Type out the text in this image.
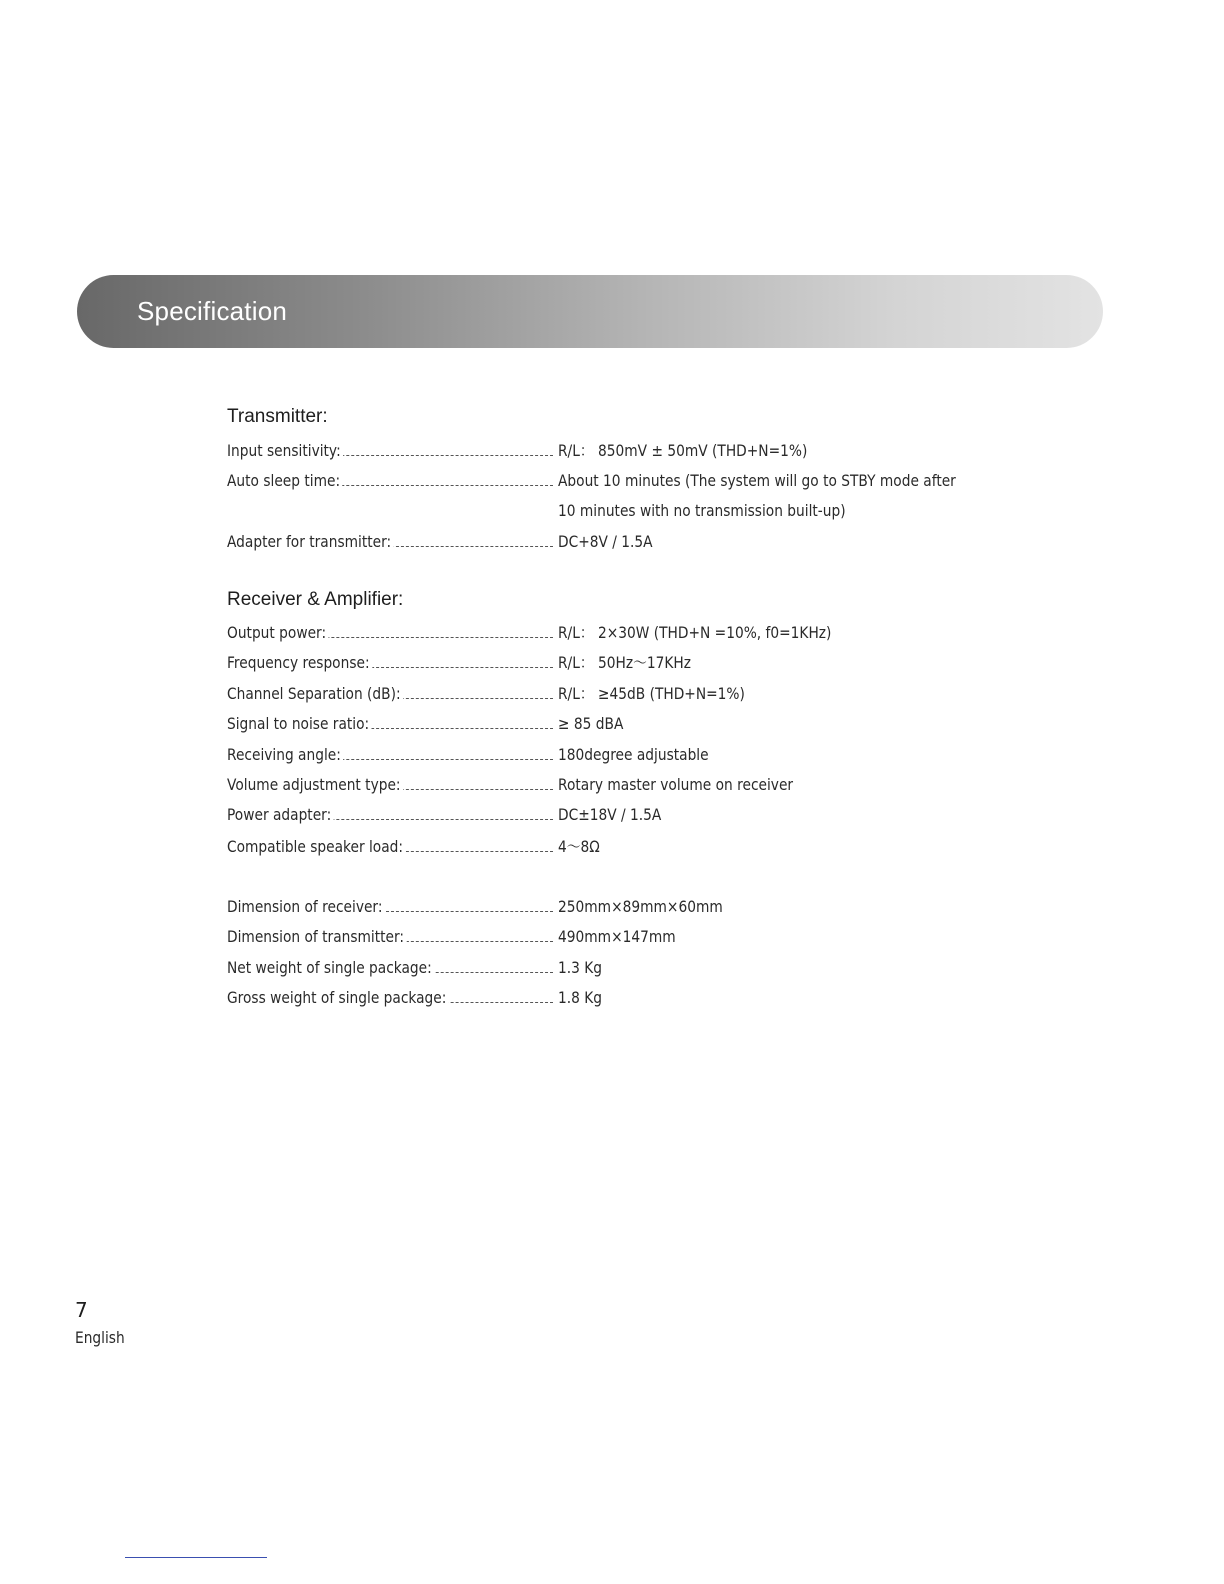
Specification
Transmitter:
Input sensitivity:	R/L： 850mV ± 50mV (THD+N=1%)
Auto sleep time:	About 10 minutes (The system will go to STBY mode after
10 minutes with no transmission built-up)
Adapter for transmitter:	DC+8V / 1.5A
Receiver & Amplifier:
Output power:	R/L： 2×30W (THD+N =10%, f0=1KHz)
Frequency response:	R/L： 50Hz～17KHz
Channel Separation (dB):	R/L： ≥45dB (THD+N=1%)
Signal to noise ratio:	≥ 85 dBA
Receiving angle:	180degree adjustable
Volume adjustment type:	Rotary master volume on receiver
Power adapter:	DC±18V / 1.5A
Compatible speaker load:	4～8Ω
Dimension of receiver:	250mm×89mm×60mm
Dimension of transmitter:	490mm×147mm
Net weight of single package:	1.3 Kg
Gross weight of single package:	1.8 Kg
7
English
